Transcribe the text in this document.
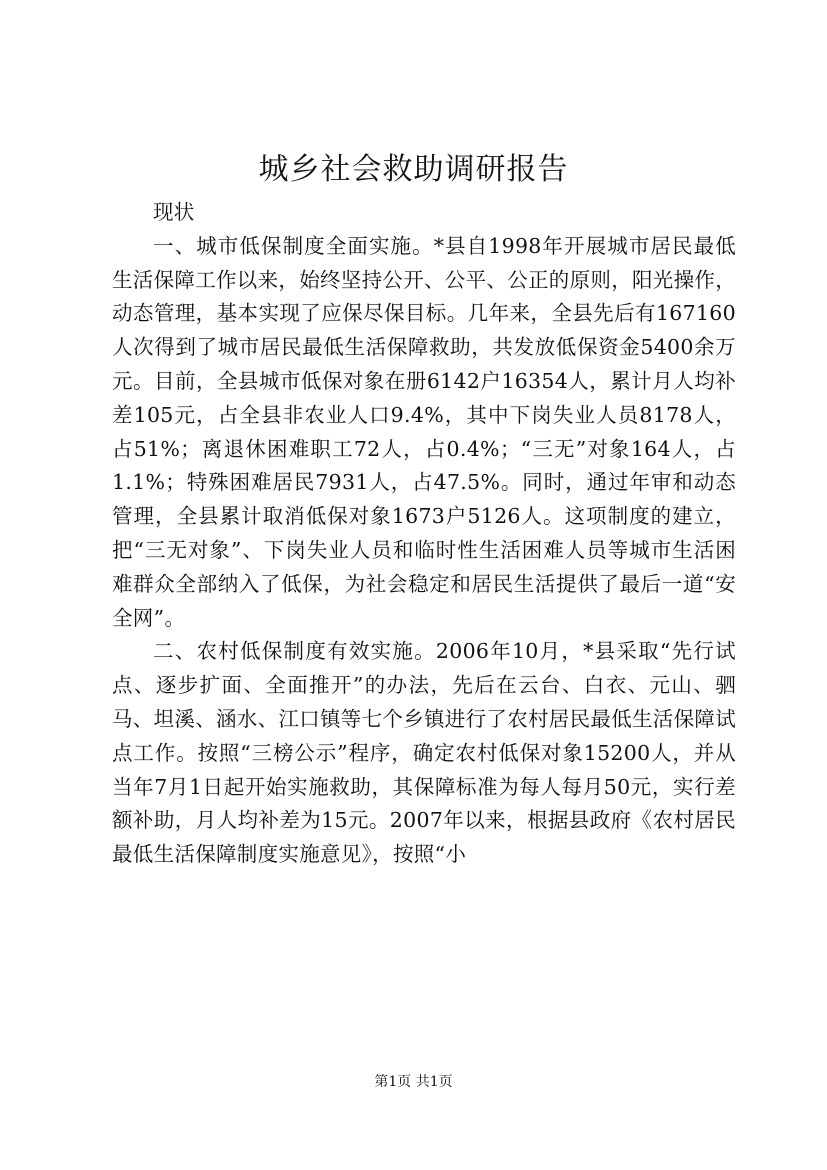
城乡社会救助调研报告

现状

一、城市低保制度全面实施。*县自1998年开展城市居民最低生活保障工作以来，始终坚持公开、公平、公正的原则，阳光操作，动态管理，基本实现了应保尽保目标。几年来，全县先后有167160人次得到了城市居民最低生活保障救助，共发放低保资金5400余万元。目前，全县城市低保对象在册6142户16354人，累计月人均补差105元，占全县非农业人口9.4%，其中下岗失业人员8178人，占51%；离退休困难职工72人，占0.4%；“三无”对象164人，占1.1%；特殊困难居民7931人，占47.5%。同时，通过年审和动态管理，全县累计取消低保对象1673户5126人。这项制度的建立，把“三无对象”、下岗失业人员和临时性生活困难人员等城市生活困难群众全部纳入了低保，为社会稳定和居民生活提供了最后一道“安全网”。

二、农村低保制度有效实施。2006年10月，*县采取“先行试点、逐步扩面、全面推开”的办法，先后在云台、白衣、元山、驷马、坦溪、涵水、江口镇等七个乡镇进行了农村居民最低生活保障试点工作。按照“三榜公示”程序，确定农村低保对象15200人，并从当年7月1日起开始实施救助，其保障标准为每人每月50元，实行差额补助，月人均补差为15元。2007年以来，根据县政府《农村居民最低生活保障制度实施意见》，按照“小

第1页 共1页
